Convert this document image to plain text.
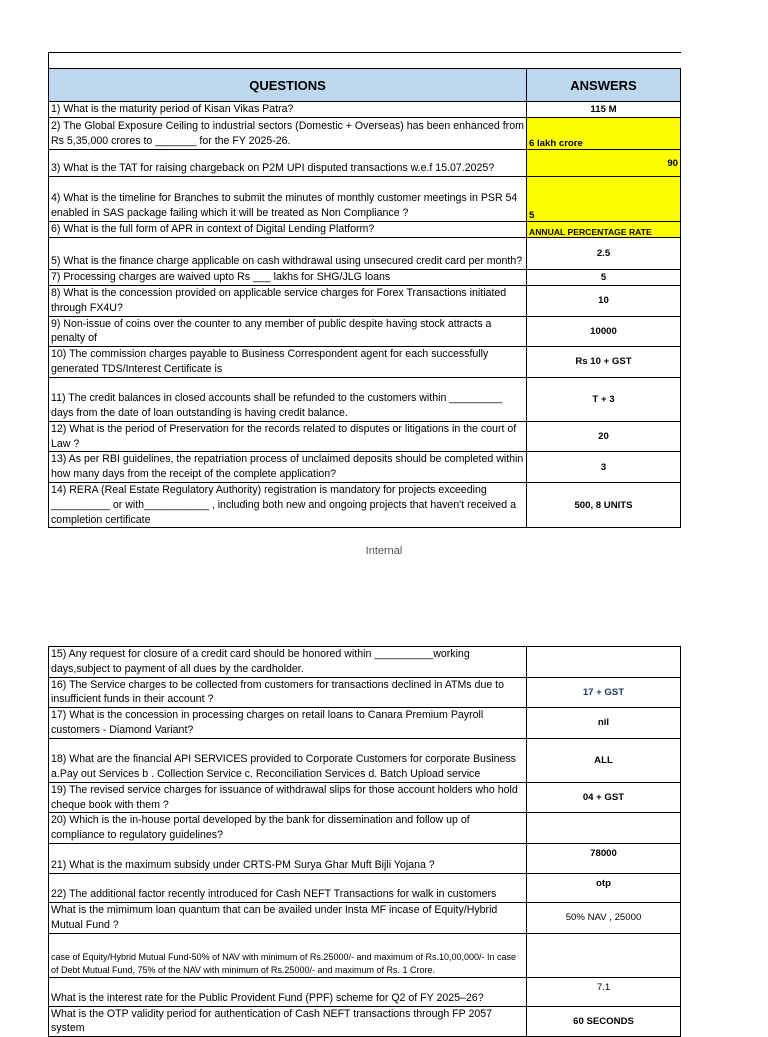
QUESTIONS	ANSWERS
1) What is the maturity period of Kisan Vikas Patra?	115 M
2) The Global Exposure Ceiling to industrial sectors (Domestic + Overseas) has been enhanced from Rs 5,35,000 crores to _______ for the FY 2025-26.	6 lakh crore
3) What is the TAT for raising chargeback on P2M UPI disputed transactions w.e.f 15.07.2025?	90
4) What is the timeline for Branches to submit the minutes of monthly customer meetings in PSR 54 enabled in SAS package failing which it will be treated as Non Compliance ?	5
6) What is the full form of APR in context of Digital Lending Platform?	ANNUAL PERCENTAGE RATE
5) What is the finance charge applicable on cash withdrawal using unsecured credit card per month?	2.5
7) Processing charges are waived upto Rs ___ lakhs for SHG/JLG loans	5
8) What is the concession provided on applicable service charges for Forex Transactions initiated through FX4U?	10
9) Non-issue of coins over the counter to any member of public despite having stock attracts a penalty of	10000
10) The commission charges payable to Business Correspondent agent for each successfully generated TDS/Interest Certificate is	Rs 10 + GST
11) The credit balances in closed accounts shall be refunded to the customers within _________ days from the date of loan outstanding is having credit balance.	T + 3
12) What is the period of Preservation for the records related to disputes or litigations in the court of Law ?	20
13) As per RBI guidelines, the repatriation process of unclaimed deposits should be completed within how many days from the receipt of the complete application?	3
14) RERA (Real Estate Regulatory Authority) registration is mandatory for projects exceeding __________ or with___________ , including both new and ongoing projects that haven't received a completion certificate	500, 8 UNITS
Internal
15) Any request for closure of a credit card should be honored within __________working days,subject to payment of all dues by the cardholder.	
16) The Service charges to be collected from customers for transactions declined in ATMs due to insufficient funds in their account ?	17 + GST
17) What is the concession in processing charges on retail loans to Canara Premium Payroll customers - Diamond Variant?	nil
18) What are the financial API SERVICES provided to Corporate Customers for corporate Business a.Pay out Services b . Collection Service c. Reconciliation Services d. Batch Upload service	ALL
19) The revised service charges for issuance of withdrawal slips for those account holders who hold cheque book with them ?	04 + GST
20) Which is the in-house portal developed by the bank for dissemination and follow up of compliance to regulatory guidelines?	
21) What is the maximum subsidy under CRTS-PM Surya Ghar Muft Bijli Yojana ?	78000
22) The additional factor recently introduced for Cash NEFT Transactions for walk in customers	otp
What is the mimimum loan quantum that can be availed under Insta MF incase of Equity/Hybrid Mutual Fund ?	50% NAV , 25000
case of Equity/Hybrid Mutual Fund-50% of NAV with minimum of Rs.25000/- and maximum of Rs.10,00,000/- In case of Debt Mutual Fund, 75% of the NAV with minimum of Rs.25000/- and maximum of Rs. 1 Crore.	
What is the interest rate for the Public Provident Fund (PPF) scheme for Q2 of FY 2025–26?	7.1
What is the OTP validity period for authentication of Cash NEFT transactions through FP 2057 system	60 SECONDS
